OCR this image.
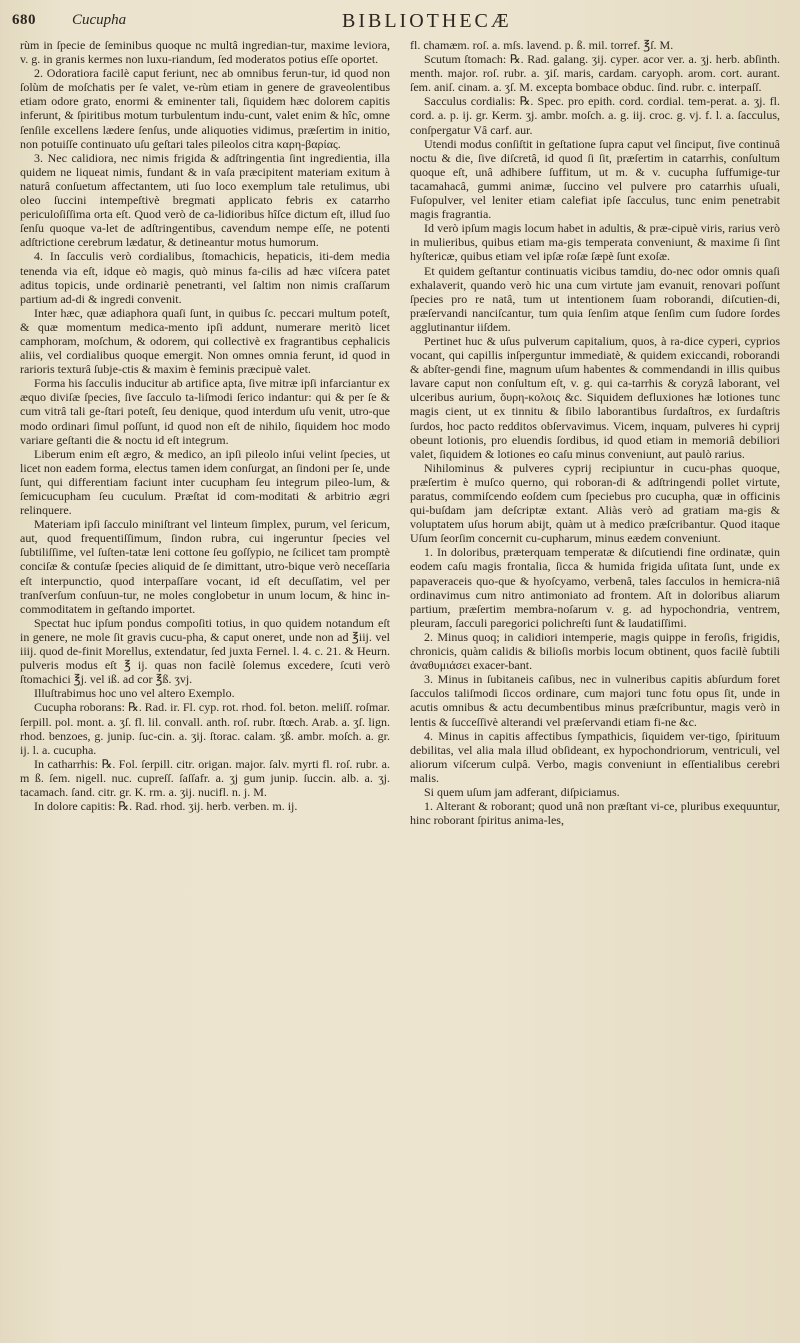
680 Cucupha	BIBLIOTHECÆ

rùm in ſpecie de ſeminibus quoque nc multâ ingredian-tur, maxime leviora, v. g. in granis kermes non luxu-riandum, ſed moderatos potius eſſe oportet.

2. Odoratiora facilè caput feriunt, nec ab omnibus ferun-tur, id quod non ſolùm de moſchatis per ſe valet, ve-rùm etiam in genere de graveolentibus etiam odore grato, enormi & eminenter tali, ſiquidem hæc dolorem capitis inferunt, & ſpiritibus motum turbulentum indu-cunt, valet enim & hîc, omne ſenſile excellens lædere ſenſus, unde aliquoties vidimus, præſertim in initio, non potuiſſe continuato uſu geſtari tales pileolos citra καρη-βαρίας.

3. Nec calidiora, nec nimis frigida & adſtringentia ſint ingredientia, illa quidem ne liqueat nimis, fundant & in vaſa præcipitent materiam exitum à naturâ conſuetum affectantem, uti ſuo loco exemplum tale retulimus, ubi oleo ſuccini intempeſtivè bregmati applicato febris ex catarrho periculoſiſſima orta eſt. Quod verò de ca-lidioribus hîſce dictum eſt, illud ſuo ſenſu quoque va-let de adſtringentibus, cavendum nempe eſſe, ne potenti adſtrictione cerebrum lædatur, & detineantur motus humorum.

4. In ſacculis verò cordialibus, ſtomachicis, hepaticis, iti-dem media tenenda via eſt, idque eò magis, quò minus fa-cilis ad hæc viſcera patet aditus topicis, unde ordinariè penetranti, vel ſaltim non nimis craſſarum partium ad-di & ingredi convenit.

Inter hæc, quæ adiaphora quaſi ſunt, in quibus ſc. peccari multum poteſt, & quæ momentum medica-mento ipſi addunt, numerare meritò licet camphoram, moſchum, & odorem, qui collectivè ex fragrantibus cephalicis aliis, vel cordialibus quoque emergit. Non omnes omnia ferunt, id quod in rarioris texturâ ſubje-ctis & maxim è feminis præcipuè valet.

Forma his ſacculis inducitur ab artifice apta, ſive mitræ ipſi infarciantur ex æquo diviſæ ſpecies, ſive ſacculo ta-liſmodi ſerico indantur: qui & per ſe & cum vitrâ tali ge-ſtari poteſt, ſeu denique, quod interdum uſu venit, utro-que modo ordinari ſimul poſſunt, id quod non eſt de nihilo, ſiquidem hoc modo variare geſtanti die & noctu id eſt integrum.

Liberum enim eſt ægro, & medico, an ipſi pileolo inſui velint ſpecies, ut licet non eadem forma, electus tamen idem conſurgat, an ſindoni per ſe, unde ſunt, qui differentiam faciunt inter cucupham ſeu integrum pileo-lum, & ſemicucupham ſeu cuculum. Præſtat id com-moditati & arbitrio ægri relinquere.

Materiam ipſi ſacculo miniſtrant vel linteum ſimplex, purum, vel ſericum, aut, quod frequentiſſimum, ſindon rubra, cui ingeruntur ſpecies vel ſubtiliſſime, vel ſuſten-tatæ leni cottone ſeu goſſypio, ne ſcilicet tam promptè conciſæ & contuſæ ſpecies aliquid de ſe dimittant, utro-bique verò neceſſaria eſt interpunctio, quod interpaſſare vocant, id eſt decuſſatim, vel per tranſverſum conſuun-tur, ne moles conglobetur in unum locum, & hinc in-commoditatem in geſtando importet.

Spectat huc ipſum pondus compoſiti totius, in quo quidem notandum eſt in genere, ne mole ſit gravis cucu-pha, & caput oneret, unde non ad ℥iij. vel iiij. quod de-finit Morellus, extendatur, ſed juxta Fernel. l. 4. c. 21. & Heurn. pulveris modus eſt ℥ ij. quas non facilè ſolemus excedere, ſcuti verò ſtomachici ℥j. vel iß. ad cor ℥ß. ʒvj.

Illuſtrabimus hoc uno vel altero Exemplo.

Cucupha roborans: ℞. Rad. ir. Fl. cyp. rot. rhod. fol. beton. meliſſ. roſmar. ſerpill. pol. mont. a. ʒſ. fl. lil. convall. anth. roſ. rubr. ſtœch. Arab. a. ʒſ. lign. rhod. benzoes, g. junip. ſuc-cin. a. ʒij. ſtorac. calam. ʒß. ambr. moſch. a. gr. ij. l. a. cucupha.

In catharrhis: ℞. Fol. ſerpill. citr. origan. major. ſalv. myrti fl. roſ. rubr. a. m ß. ſem. nigell. nuc. cupreſſ. ſaſſafr. a. ʒj gum junip. ſuccin. alb. a. ʒj. tacamach. ſand. citr. gr. K. rm. a. ʒij. nucifl. n. j. M.

In dolore capitis: ℞. Rad. rhod. ʒij. herb. verben. m. ij.

fl. chamæm. roſ. a. mſs. lavend. p. ß. mil. torref. ℥ſ. M.

Scutum ſtomach: ℞. Rad. galang. ʒij. cyper. acor ver. a. ʒj. herb. abſinth. menth. major. roſ. rubr. a. ʒiſ. maris, cardam. caryoph. arom. cort. aurant. ſem. aniſ. cinam. a. ʒſ. M. excepta bombace obduc. ſind. rubr. c. interpaſſ.

Sacculus cordialis: ℞. Spec. pro epith. cord. cordial. tem-perat. a. ʒj. fl. cord. a. p. ij. gr. Kerm. ʒj. ambr. moſch. a. g. iij. croc. g. vj. f. l. a. ſacculus, conſpergatur Vâ carf. aur.

Utendi modus conſiſtit in geſtatione ſupra caput vel ſinciput, ſive continuâ noctu & die, ſive diſcretâ, id quod ſi ſit, præſertim in catarrhis, conſultum quoque eſt, unâ adhibere ſuffitum, ut m. & v. cucupha ſuffumige-tur tacamahacâ, gummi animæ, ſuccino vel pulvere pro catarrhis uſuali, Fuſopulver, vel leniter etiam calefiat ipſe ſacculus, tunc enim penetrabit magis fragrantia.

Id verò ipſum magis locum habet in adultis, & præ-cipuè viris, rarius verò in mulieribus, quibus etiam ma-gis temperata conveniunt, & maxime ſi ſint hyſtericæ, quibus etiam vel ipſæ roſæ ſæpè ſunt exoſæ.

Et quidem geſtantur continuatis vicibus tamdiu, do-nec odor omnis quaſi exhalaverit, quando verò hic una cum virtute jam evanuit, renovari poſſunt ſpecies pro re natâ, tum ut intentionem ſuam roborandi, diſcutien-di, præſervandi nanciſcantur, tum quia ſenſim atque ſenſim cum ſudore ſordes agglutinantur iiſdem.

Pertinet huc & uſus pulverum capitalium, quos, à ra-dice cyperi, cyprios vocant, qui capillis inſperguntur immediatè, & quidem exiccandi, roborandi & abſter-gendi fine, magnum uſum habentes & commendandi in illis quibus lavare caput non conſultum eſt, v. g. qui ca-tarrhis & coryzâ laborant, vel ulceribus aurium, ὄυρη-κολοις &c. Siquidem defluxiones hæ lotiones tunc magis cient, ut ex tinnitu & ſibilo laborantibus ſurdaſtros, ex ſurdaſtris ſurdos, hoc pacto redditos obſervavimus. Vicem, inquam, pulveres hi cyprij obeunt lotionis, pro eluendis ſordibus, id quod etiam in memoriâ debiliori valet, ſiquidem & lotiones eo caſu minus conveniunt, aut paulò rarius.

Nihilominus & pulveres cyprij recipiuntur in cucu-phas quoque, præſertim è muſco quernο, qui roboran-di & adſtringendi pollet virtute, paratus, commiſcendo eoſdem cum ſpeciebus pro cucupha, quæ in officinis qui-buſdam jam deſcriptæ extant. Aliàs verò ad gratiam ma-gis & voluptatem uſus horum abijt, quàm ut à medico præſcribantur. Quod itaque Uſum ſeorſim concernit cu-cupharum, minus eædem conveniunt.

1. In doloribus, præterquam temperatæ & diſcutiendi fine ordinatæ, quin eodem caſu magis frontalia, ſicca & humida frigida uſitata ſunt, unde ex papaveraceis quo-que & hyoſcyamo, verbenâ, tales ſacculos in hemicra-niâ ordinavimus cum nitro antimoniato ad frontem. Aſt in doloribus aliarum partium, præſertim membra-noſarum v. g. ad hypochondria, ventrem, pleuram, ſacculi paregorici polichreſti ſunt & laudatiſſimi.

2. Minus quoq; in calidiori intemperie, magis quippe in feroſis, frigidis, chronicis, quàm calidis & bilioſis morbis locum obtinent, quos facilè ſubtili ἀναθυμιάσει exacer-bant.

3. Minus in ſubitaneis caſibus, nec in vulneribus capitis abſurdum foret ſacculos taliſmodi ſiccos ordinare, cum majori tunc fotu opus ſit, unde in acutis omnibus & actu decumbentibus minus præſcribuntur, magis verò in lentis & ſucceſſivè alterandi vel præſervandi etiam fi-ne &c.

4. Minus in capitis affectibus ſympathicis, ſiquidem ver-tigo, ſpirituum debilitas, vel alia mala illud obſideant, ex hypochondriorum, ventriculi, vel aliorum viſcerum culpâ. Verbo, magis conveniunt in eſſentialibus cerebri malis.

Si quem uſum jam adferant, diſpiciamus.

1. Alterant & roborant; quod unâ non præſtant vi-ce, pluribus exequuntur, hinc roborant ſpiritus anima-les,
